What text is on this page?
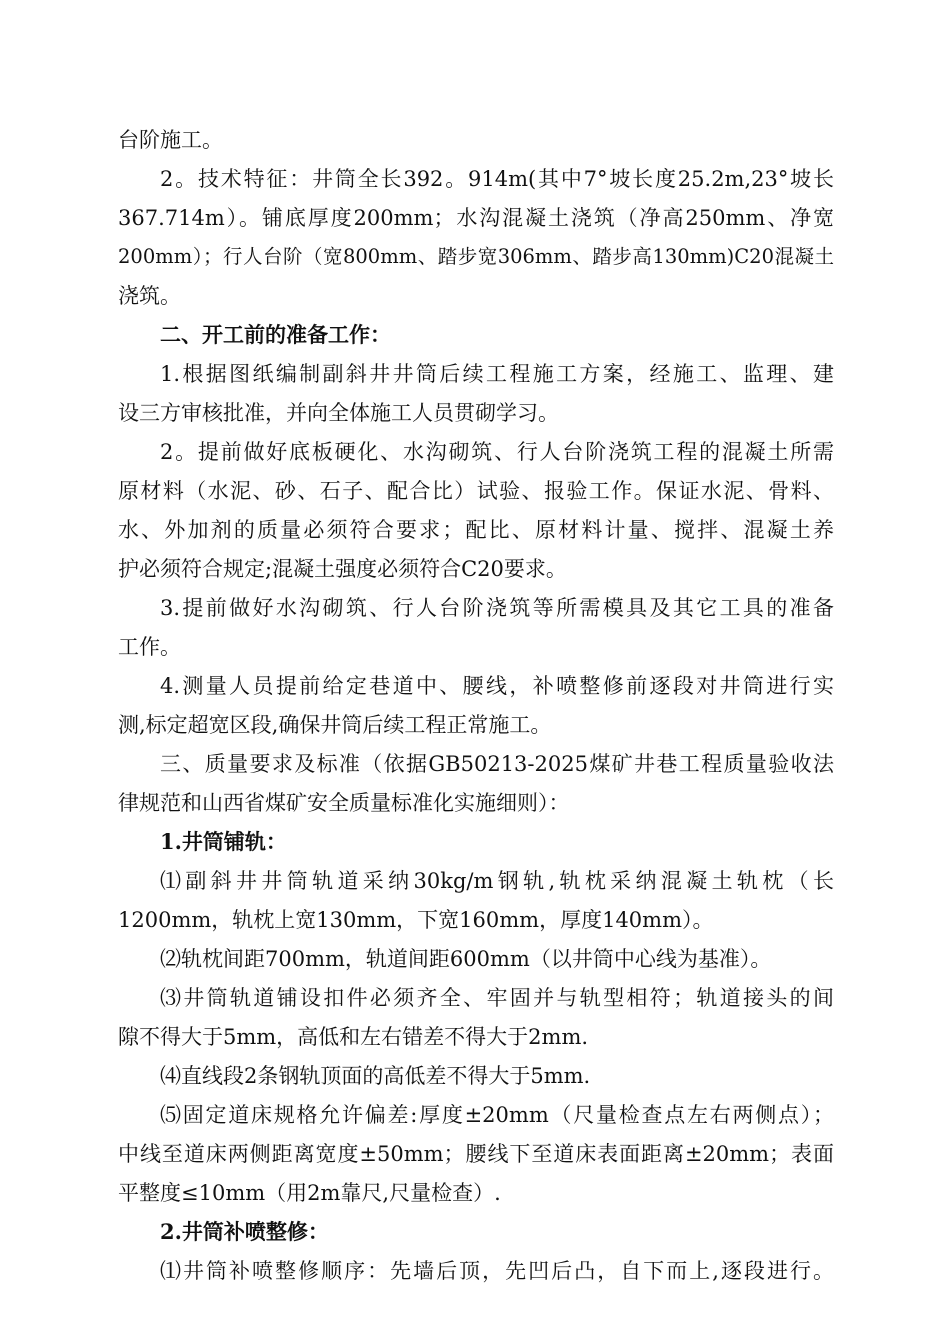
台阶施工。
2。技术特征：井筒全长392。914m(其中7°坡长度25.2m,23°坡长
367.714m）。铺底厚度200mm；水沟混凝土浇筑（净高250mm、净宽
200mm）；行人台阶（宽800mm、踏步宽306mm、踏步高130mm)C20混凝土
浇筑。
二、开工前的准备工作：
1.根据图纸编制副斜井井筒后续工程施工方案，经施工、监理、建
设三方审核批准，并向全体施工人员贯砌学习。
2。提前做好底板硬化、水沟砌筑、行人台阶浇筑工程的混凝土所需
原材料（水泥、砂、石子、配合比）试验、报验工作。保证水泥、骨料、
水、外加剂的质量必须符合要求；配比、原材料计量、搅拌、混凝土养
护必须符合规定;混凝土强度必须符合C20要求。
3.提前做好水沟砌筑、行人台阶浇筑等所需模具及其它工具的准备
工作。
4.测量人员提前给定巷道中、腰线，补喷整修前逐段对井筒进行实
测,标定超宽区段,确保井筒后续工程正常施工。
三、质量要求及标准（依据GB50213-2025煤矿井巷工程质量验收法
律规范和山西省煤矿安全质量标准化实施细则）：
1.井筒铺轨：
⑴副斜井井筒轨道采纳30kg/m钢轨,轨枕采纳混凝土轨枕（长
1200mm，轨枕上宽130mm，下宽160mm，厚度140mm）。
⑵轨枕间距700mm，轨道间距600mm（以井筒中心线为基准）。
⑶井筒轨道铺设扣件必须齐全、牢固并与轨型相符；轨道接头的间
隙不得大于5mm，高低和左右错差不得大于2mm.
⑷直线段2条钢轨顶面的高低差不得大于5mm.
⑸固定道床规格允许偏差:厚度±20mm（尺量检查点左右两侧点）；
中线至道床两侧距离宽度±50mm；腰线下至道床表面距离±20mm；表面
平整度≤10mm（用2m靠尺,尺量检查）.
2.井筒补喷整修：
⑴井筒补喷整修顺序：先墙后顶，先凹后凸，自下而上,逐段进行。
